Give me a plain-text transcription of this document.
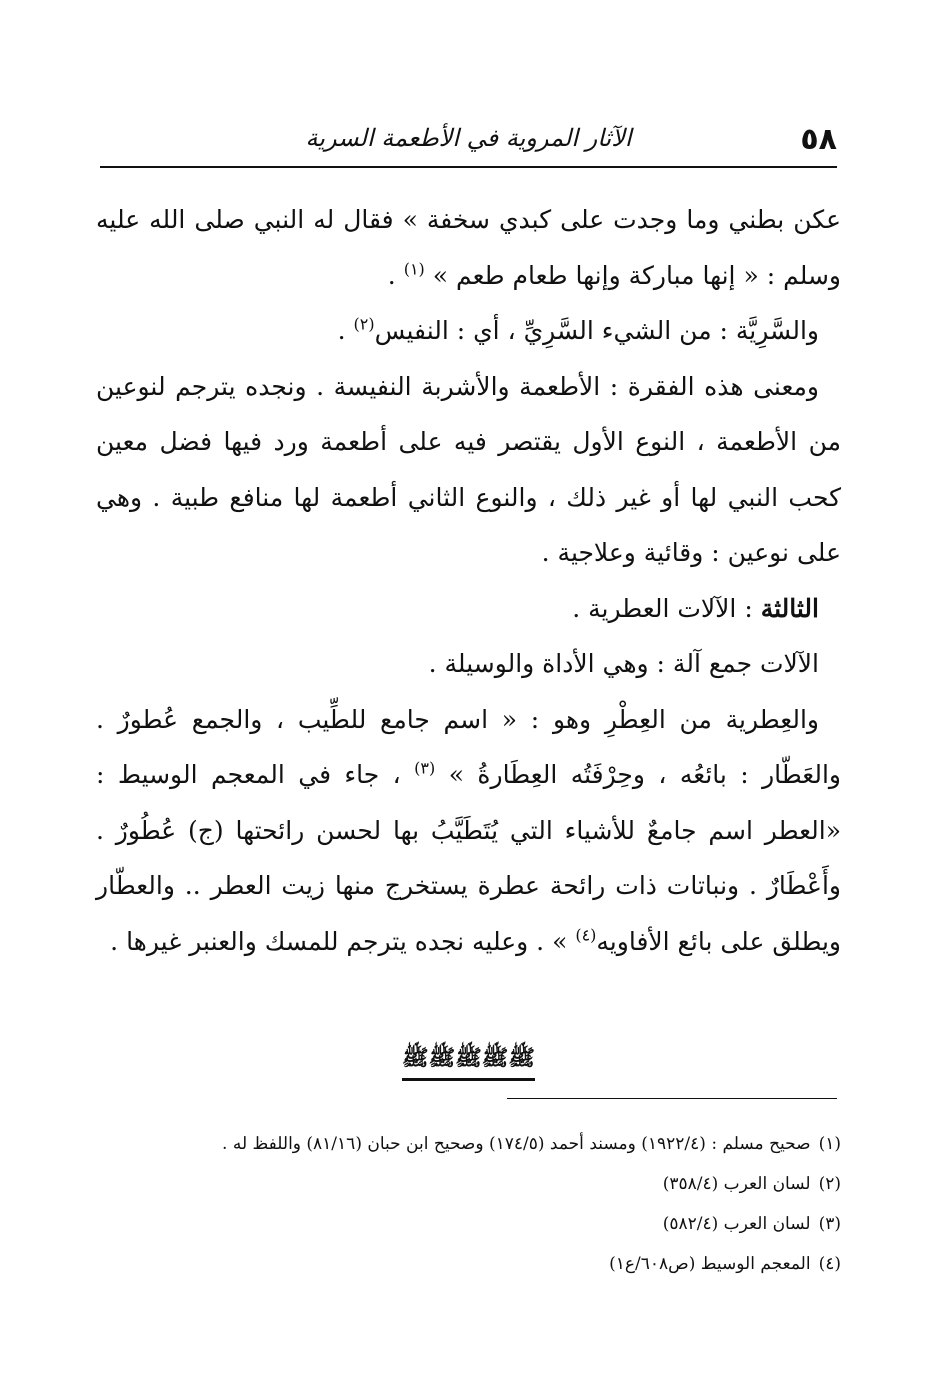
٥٨
الآثار المروية في الأطعمة السرية

عكن بطني وما وجدت على كبدي سخفة » فقال له النبي صلى الله عليه وسلم : « إنها مباركة وإنها طعام طعم » $^{(١)}$ .

والسَّرِيَّة : من الشيء السَّرِيِّ ، أي : النفيس$^{(٢)}$ .

ومعنى هذه الفقرة : الأطعمة والأشربة النفيسة . ونجده يترجم لنوعين من الأطعمة ، النوع الأول يقتصر فيه على أطعمة ورد فيها فضل معين كحب النبي لها أو غير ذلك ، والنوع الثاني أطعمة لها منافع طبية . وهي على نوعين : وقائية وعلاجية .

الثالثة : الآلات العطرية .

الآلات جمع آلة : وهي الأداة والوسيلة .

والعِطرية من العِطْرِ وهو : « اسم جامع للطِّيب ، والجمع عُطورٌ . والعَطّار : بائعُه ، وحِرْفَتُه العِطَارةُ » $^{(٣)}$ ، جاء في المعجم الوسيط : «العطر اسم جامعٌ للأشياء التي يُتَطَيَّبُ بها لحسن رائحتها (ج) عُطُورٌ . وأَعْطَارٌ . ونباتات ذات رائحة عطرة يستخرج منها زيت العطر .. والعطّار ويطلق على بائع الأفاويه$^{(٤)}$ » . وعليه نجده يترجم للمسك والعنبر غيرها .

ﷺﷺﷺﷺﷺ

(١)صحيح مسلم : (١٩٢٢/٤) ومسند أحمد (١٧٤/٥) وصحيح ابن حبان (٨١/١٦) واللفظ له .

(٢)لسان العرب (٣٥٨/٤)

(٣)لسان العرب (٥٨٢/٤)

(٤)المعجم الوسيط (ص٦٠٨/ع١)
